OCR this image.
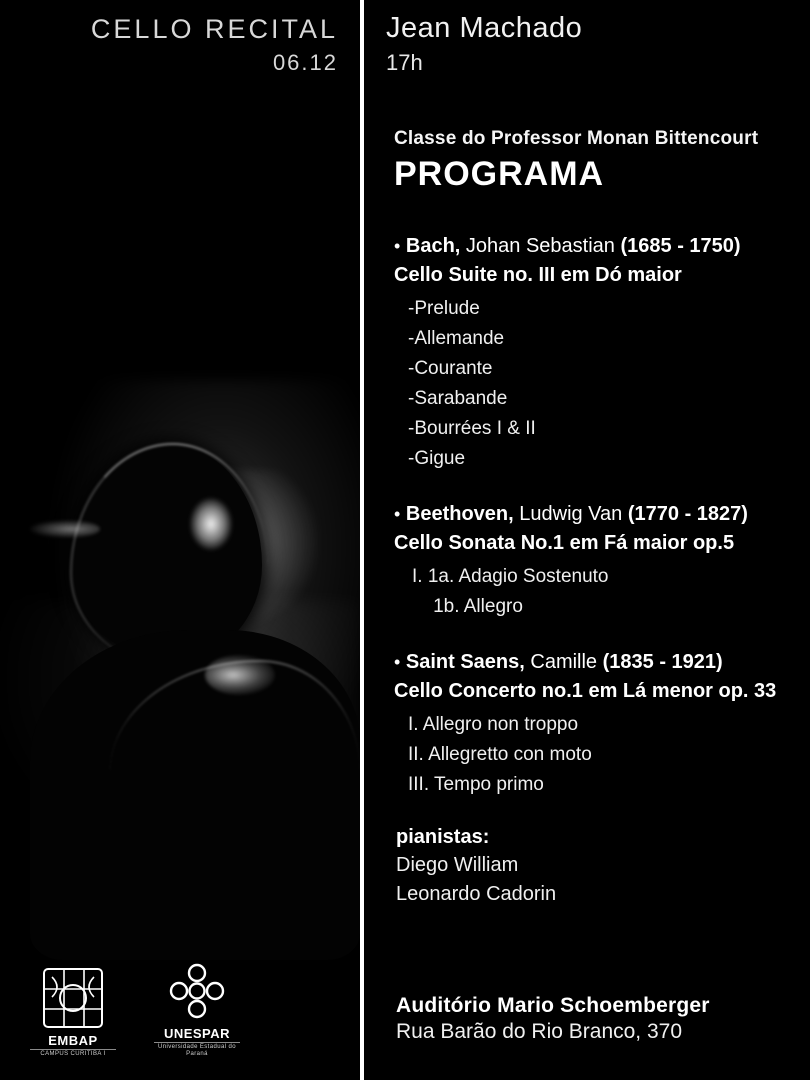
CELLO RECITAL
06.12
EMBAP
CAMPUS CURITIBA I
UNESPAR
Universidade Estadual do Paraná
Jean Machado
17h
Classe do Professor Monan Bittencourt
PROGRAMA
• Bach, Johan Sebastian (1685 - 1750)
Cello Suite no. III em Dó maior
-Prelude
-Allemande
-Courante
-Sarabande
-Bourrées I & II
-Gigue
• Beethoven, Ludwig Van (1770 - 1827)
Cello Sonata No.1 em Fá maior op.5
I. 1a. Adagio Sostenuto
1b. Allegro
• Saint Saens, Camille (1835 - 1921)
Cello Concerto no.1 em Lá menor op. 33
I. Allegro non troppo
II. Allegretto con moto
III. Tempo primo
pianistas:
Diego William
Leonardo Cadorin
Auditório Mario Schoemberger
Rua Barão do Rio Branco, 370
